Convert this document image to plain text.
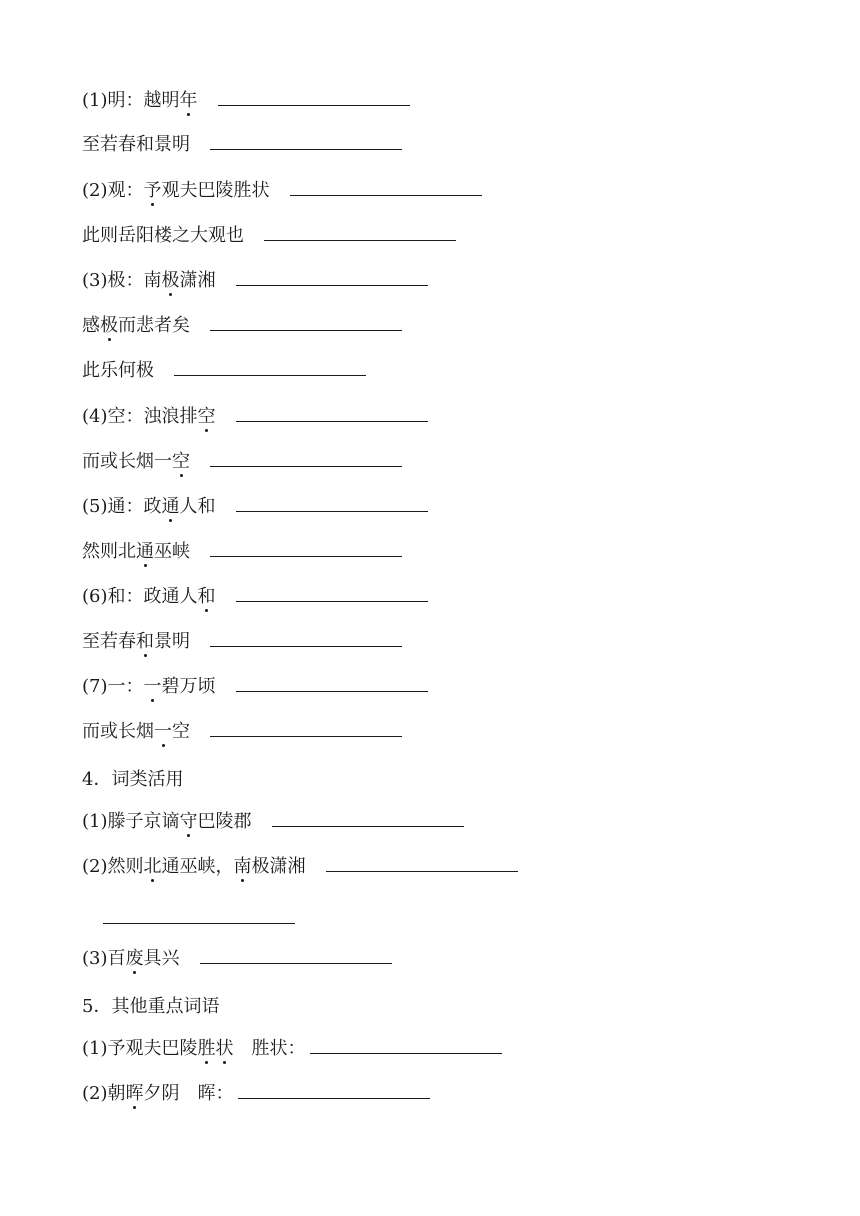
(1)明：越明年
至若春和景明
(2)观：予观夫巴陵胜状
此则岳阳楼之大观也
(3)极：南极潇湘
感极而悲者矣
此乐何极
(4)空：浊浪排空
而或长烟一空
(5)通：政通人和
然则北通巫峡
(6)和：政通人和
至若春和景明
(7)一：一碧万顷
而或长烟一空
4．词类活用
(1)滕子京谪守巴陵郡
(2)然则北通巫峡，南极潇湘
(3)百废具兴
5．其他重点词语
(1)予观夫巴陵胜状　 胜状：
(2)朝晖夕阴　 晖：
